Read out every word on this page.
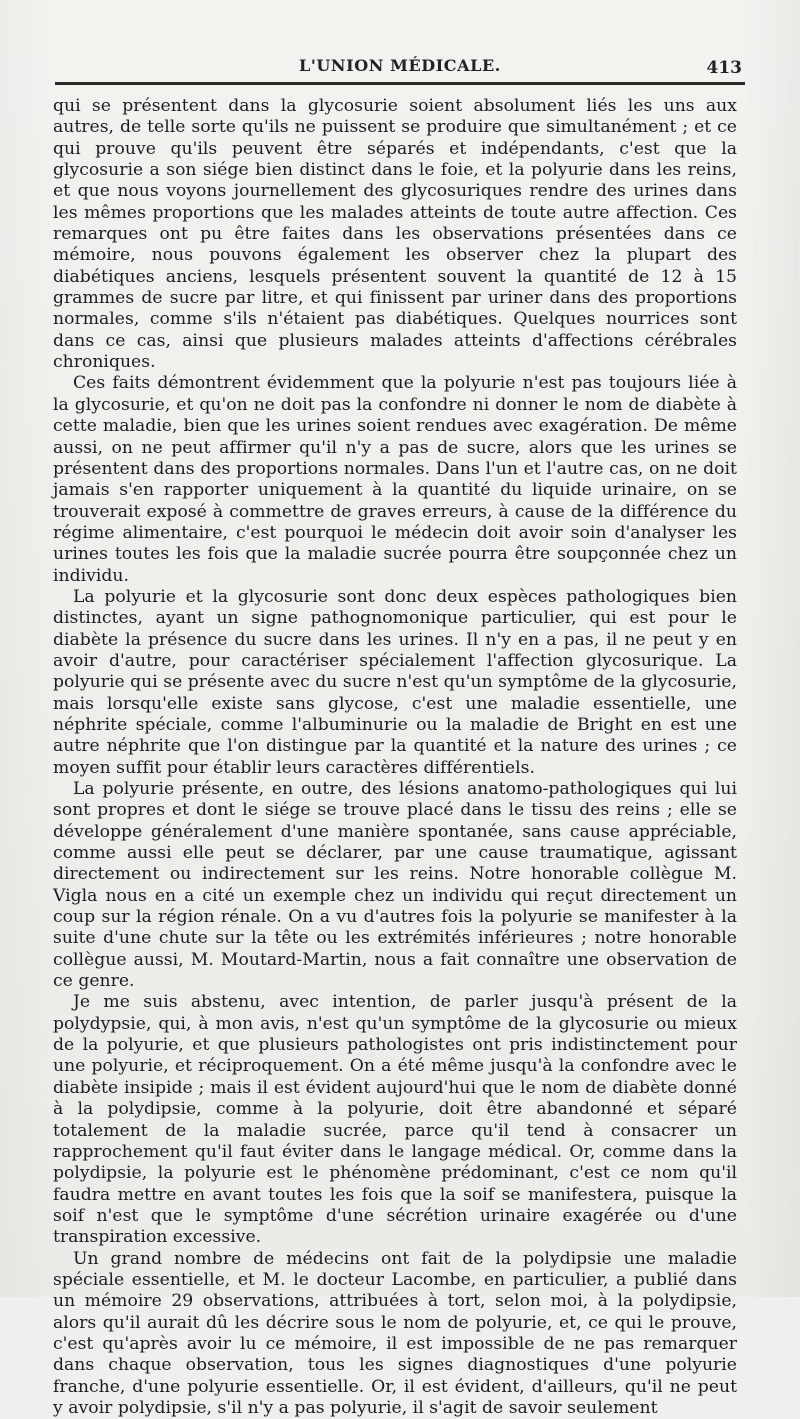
L'UNION MÉDICALE.	413

qui se présentent dans la glycosurie soient absolument liés les uns aux autres, de telle sorte qu'ils ne puissent se produire que simultanément ; et ce qui prouve qu'ils peuvent être séparés et indépendants, c'est que la glycosurie a son siége bien distinct dans le foie, et la polyurie dans les reins, et que nous voyons journellement des glycosuriques rendre des urines dans les mêmes proportions que les malades atteints de toute autre affection. Ces remarques ont pu être faites dans les observations présentées dans ce mémoire, nous pouvons également les observer chez la plupart des diabétiques anciens, lesquels présentent souvent la quantité de 12 à 15 grammes de sucre par litre, et qui finissent par uriner dans des proportions normales, comme s'ils n'étaient pas diabétiques. Quelques nourrices sont dans ce cas, ainsi que plusieurs malades atteints d'affections cérébrales chroniques.

Ces faits démontrent évidemment que la polyurie n'est pas toujours liée à la glycosurie, et qu'on ne doit pas la confondre ni donner le nom de diabète à cette maladie, bien que les urines soient rendues avec exagération. De même aussi, on ne peut affirmer qu'il n'y a pas de sucre, alors que les urines se présentent dans des proportions normales. Dans l'un et l'autre cas, on ne doit jamais s'en rapporter uniquement à la quantité du liquide urinaire, on se trouverait exposé à commettre de graves erreurs, à cause de la différence du régime alimentaire, c'est pourquoi le médecin doit avoir soin d'analyser les urines toutes les fois que la maladie sucrée pourra être soupçonnée chez un individu.

La polyurie et la glycosurie sont donc deux espèces pathologiques bien distinctes, ayant un signe pathognomonique particulier, qui est pour le diabète la présence du sucre dans les urines. Il n'y en a pas, il ne peut y en avoir d'autre, pour caractériser spécialement l'affection glycosurique. La polyurie qui se présente avec du sucre n'est qu'un symptôme de la glycosurie, mais lorsqu'elle existe sans glycose, c'est une maladie essentielle, une néphrite spéciale, comme l'albuminurie ou la maladie de Bright en est une autre néphrite que l'on distingue par la quantité et la nature des urines ; ce moyen suffit pour établir leurs caractères différentiels.

La polyurie présente, en outre, des lésions anatomo-pathologiques qui lui sont propres et dont le siége se trouve placé dans le tissu des reins ; elle se développe généralement d'une manière spontanée, sans cause appréciable, comme aussi elle peut se déclarer, par une cause traumatique, agissant directement ou indirectement sur les reins. Notre honorable collègue M. Vigla nous en a cité un exemple chez un individu qui reçut directement un coup sur la région rénale. On a vu d'autres fois la polyurie se manifester à la suite d'une chute sur la tête ou les extrémités inférieures ; notre honorable collègue aussi, M. Moutard-Martin, nous a fait connaître une observation de ce genre.

Je me suis abstenu, avec intention, de parler jusqu'à présent de la polydypsie, qui, à mon avis, n'est qu'un symptôme de la glycosurie ou mieux de la polyurie, et que plusieurs pathologistes ont pris indistinctement pour une polyurie, et réciproquement. On a été même jusqu'à la confondre avec le diabète insipide ; mais il est évident aujourd'hui que le nom de diabète donné à la polydipsie, comme à la polyurie, doit être abandonné et séparé totalement de la maladie sucrée, parce qu'il tend à consacrer un rapprochement qu'il faut éviter dans le langage médical. Or, comme dans la polydipsie, la polyurie est le phénomène prédominant, c'est ce nom qu'il faudra mettre en avant toutes les fois que la soif se manifestera, puisque la soif n'est que le symptôme d'une sécrétion urinaire exagérée ou d'une transpiration excessive.

Un grand nombre de médecins ont fait de la polydipsie une maladie spéciale essentielle, et M. le docteur Lacombe, en particulier, a publié dans un mémoire 29 observations, attribuées à tort, selon moi, à la polydipsie, alors qu'il aurait dû les décrire sous le nom de polyurie, et, ce qui le prouve, c'est qu'après avoir lu ce mémoire, il est impossible de ne pas remarquer dans chaque observation, tous les signes diagnostiques d'une polyurie franche, d'une polyurie essentielle. Or, il est évident, d'ailleurs, qu'il ne peut y avoir polydipsie, s'il n'y a pas polyurie, il s'agit de savoir seulement
